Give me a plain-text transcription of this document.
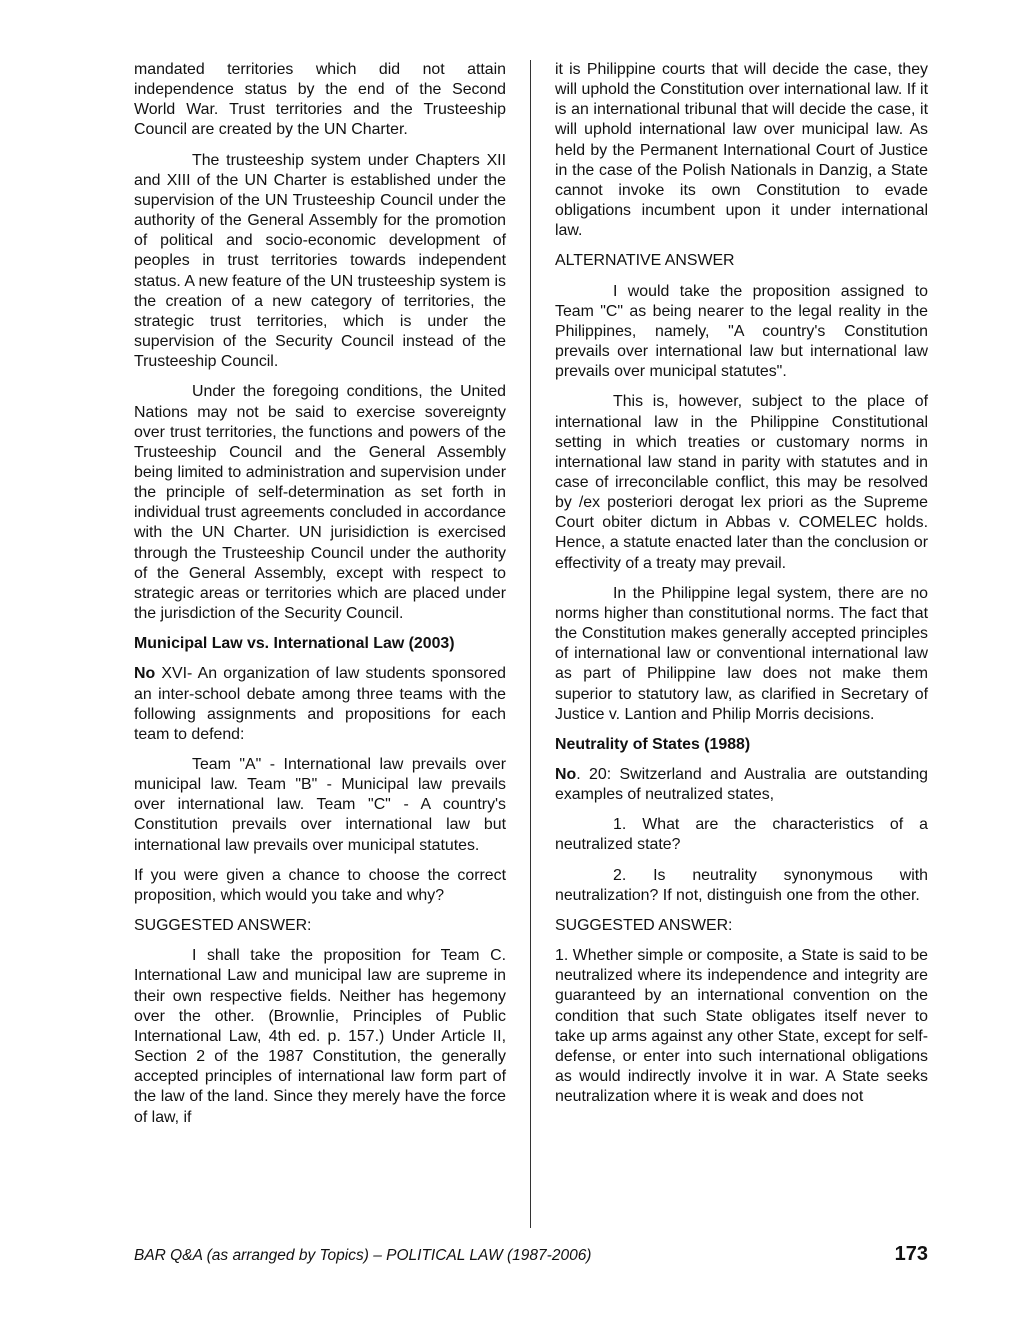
mandated territories which did not attain independence status by the end of the Second World War. Trust territories and the Trusteeship Council are created by the UN Charter.

The trusteeship system under Chapters XII and XIII of the UN Charter is established under the supervision of the UN Trusteeship Council under the authority of the General Assembly for the promotion of political and socio-economic development of peoples in trust territories towards independent status. A new feature of the UN trusteeship system is the creation of a new category of territories, the strategic trust territories, which is under the supervision of the Security Council instead of the Trusteeship Council.

Under the foregoing conditions, the United Nations may not be said to exercise sovereignty over trust territories, the functions and powers of the Trusteeship Council and the General Assembly being limited to administration and supervision under the principle of self-determination as set forth in individual trust agreements concluded in accordance with the UN Charter. UN jurisidiction is exercised through the Trusteeship Council under the authority of the General Assembly, except with respect to strategic areas or territories which are placed under the jurisdiction of the Security Council.

Municipal Law vs. International Law (2003)

No XVI- An organization of law students sponsored an inter-school debate among three teams with the following assignments and propositions for each team to defend:

Team "A" - International law prevails over municipal law. Team "B" - Municipal law prevails over international law. Team "C" - A country's Constitution prevails over international law but international law prevails over municipal statutes.

If you were given a chance to choose the correct proposition, which would you take and why?

SUGGESTED ANSWER:

I shall take the proposition for Team C. International Law and municipal law are supreme in their own respective fields. Neither has hegemony over the other. (Brownlie, Principles of Public International Law, 4th ed. p. 157.) Under Article II, Section 2 of the 1987 Constitution, the generally accepted principles of international law form part of the law of the land. Since they merely have the force of law, if

it is Philippine courts that will decide the case, they will uphold the Constitution over international law. If it is an international tribunal that will decide the case, it will uphold international law over municipal law. As held by the Permanent International Court of Justice in the case of the Polish Nationals in Danzig, a State cannot invoke its own Constitution to evade obligations incumbent upon it under international law.

ALTERNATIVE ANSWER

I would take the proposition assigned to Team "C" as being nearer to the legal reality in the Philippines, namely, "A country's Constitution prevails over international law but international law prevails over municipal statutes".

This is, however, subject to the place of international law in the Philippine Constitutional setting in which treaties or customary norms in international law stand in parity with statutes and in case of irreconcilable conflict, this may be resolved by /ex posteriori derogat lex priori as the Supreme Court obiter dictum in Abbas v. COMELEC holds. Hence, a statute enacted later than the conclusion or effectivity of a treaty may prevail.

In the Philippine legal system, there are no norms higher than constitutional norms. The fact that the Constitution makes generally accepted principles of international law or conventional international law as part of Philippine law does not make them superior to statutory law, as clarified in Secretary of Justice v. Lantion and Philip Morris decisions.

Neutrality of States (1988)

No. 20: Switzerland and Australia are outstanding examples of neutralized states,

1. What are the characteristics of a neutralized state?

2. Is neutrality synonymous with neutralization? If not, distinguish one from the other.

SUGGESTED ANSWER:

1. Whether simple or composite, a State is said to be neutralized where its independence and integrity are guaranteed by an international convention on the condition that such State obligates itself never to take up arms against any other State, except for self-defense, or enter into such international obligations as would indirectly involve it in war. A State seeks neutralization where it is weak and does not

BAR Q&A (as arranged by Topics) – POLITICAL LAW (1987-2006)	173
